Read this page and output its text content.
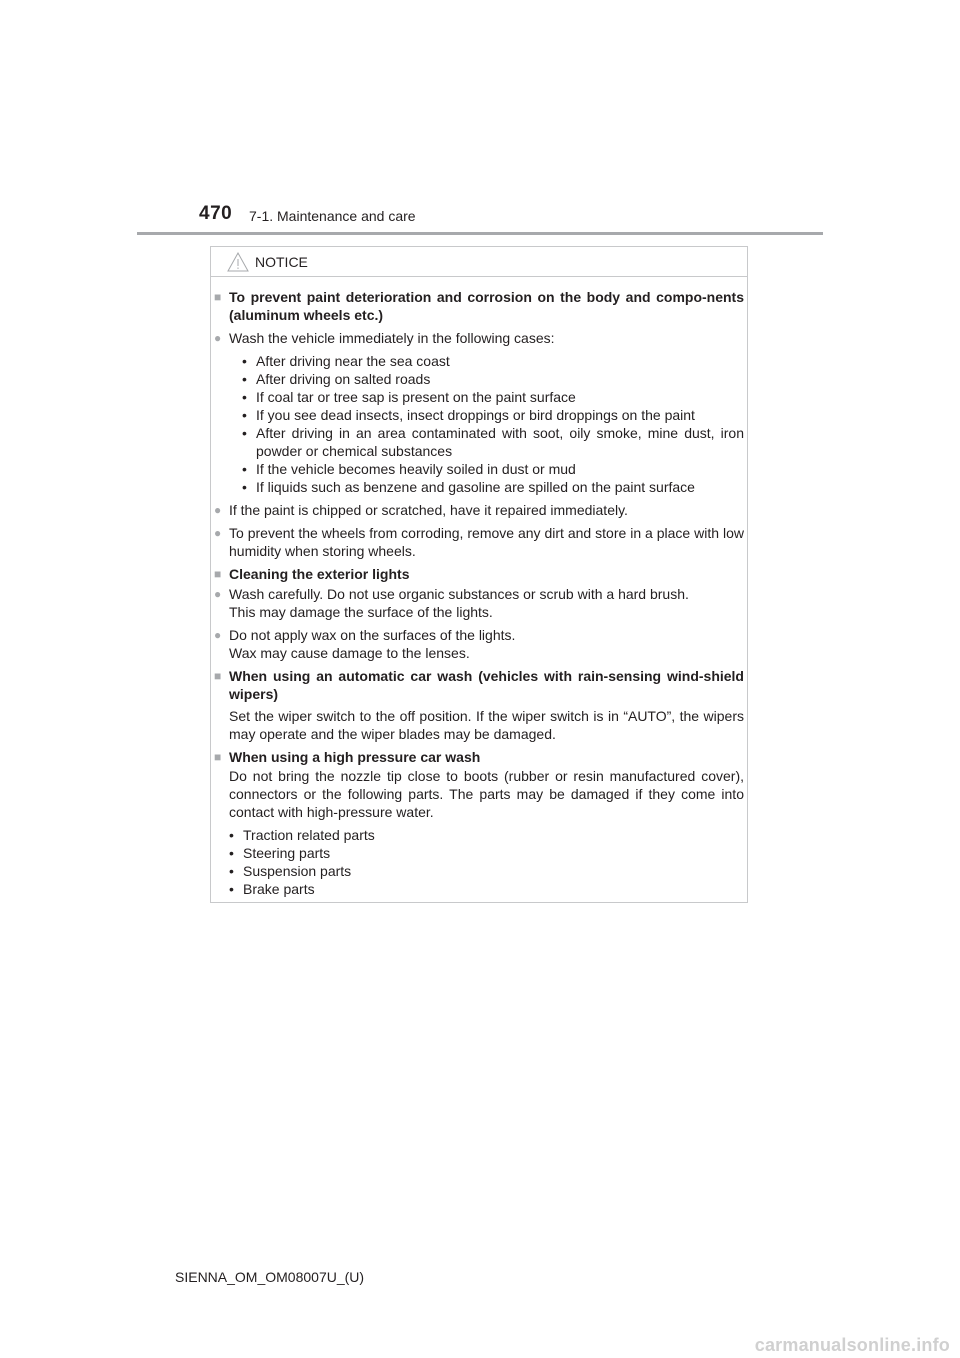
470 7-1. Maintenance and care
NOTICE
■ To prevent paint deterioration and corrosion on the body and compo-nents (aluminum wheels etc.)
● Wash the vehicle immediately in the following cases:
• After driving near the sea coast
• After driving on salted roads
• If coal tar or tree sap is present on the paint surface
• If you see dead insects, insect droppings or bird droppings on the paint
• After driving in an area contaminated with soot, oily smoke, mine dust, iron powder or chemical substances
• If the vehicle becomes heavily soiled in dust or mud
• If liquids such as benzene and gasoline are spilled on the paint surface
● If the paint is chipped or scratched, have it repaired immediately.
● To prevent the wheels from corroding, remove any dirt and store in a place with low humidity when storing wheels.
■ Cleaning the exterior lights
● Wash carefully. Do not use organic substances or scrub with a hard brush.
This may damage the surface of the lights.
● Do not apply wax on the surfaces of the lights.
Wax may cause damage to the lenses.
■ When using an automatic car wash (vehicles with rain-sensing wind-shield wipers)
Set the wiper switch to the off position. If the wiper switch is in “AUTO”, the wipers may operate and the wiper blades may be damaged.
■ When using a high pressure car wash
Do not bring the nozzle tip close to boots (rubber or resin manufactured cover), connectors or the following parts. The parts may be damaged if they come into contact with high-pressure water.
• Traction related parts
• Steering parts
• Suspension parts
• Brake parts
SIENNA_OM_OM08007U_(U)
carmanualsonline.info
